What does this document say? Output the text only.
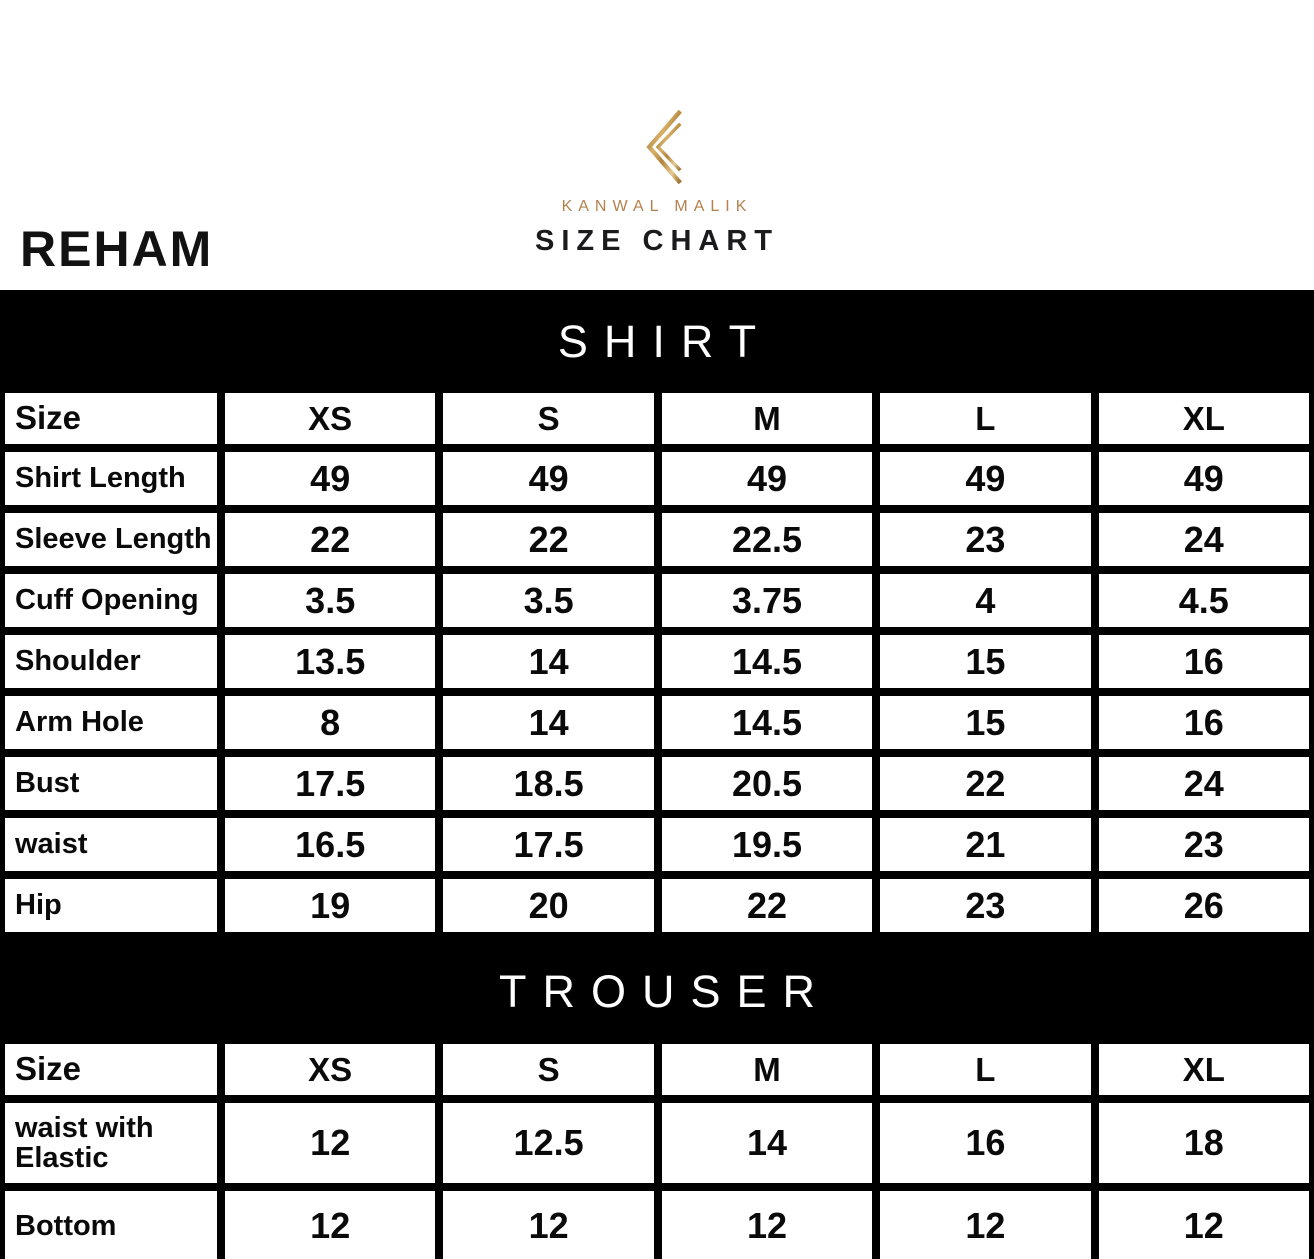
KANWAL MALIK
SIZE CHART
REHAM
SHIRT
Size	XS	S	M	L	XL
Shirt Length	49	49	49	49	49
Sleeve Length	22	22	22.5	23	24
Cuff Opening	3.5	3.5	3.75	4	4.5
Shoulder	13.5	14	14.5	15	16
Arm Hole	8	14	14.5	15	16
Bust	17.5	18.5	20.5	22	24
waist	16.5	17.5	19.5	21	23
Hip	19	20	22	23	26
TROUSER
Size	XS	S	M	L	XL
waist with Elastic	12	12.5	14	16	18
Bottom	12	12	12	12	12
